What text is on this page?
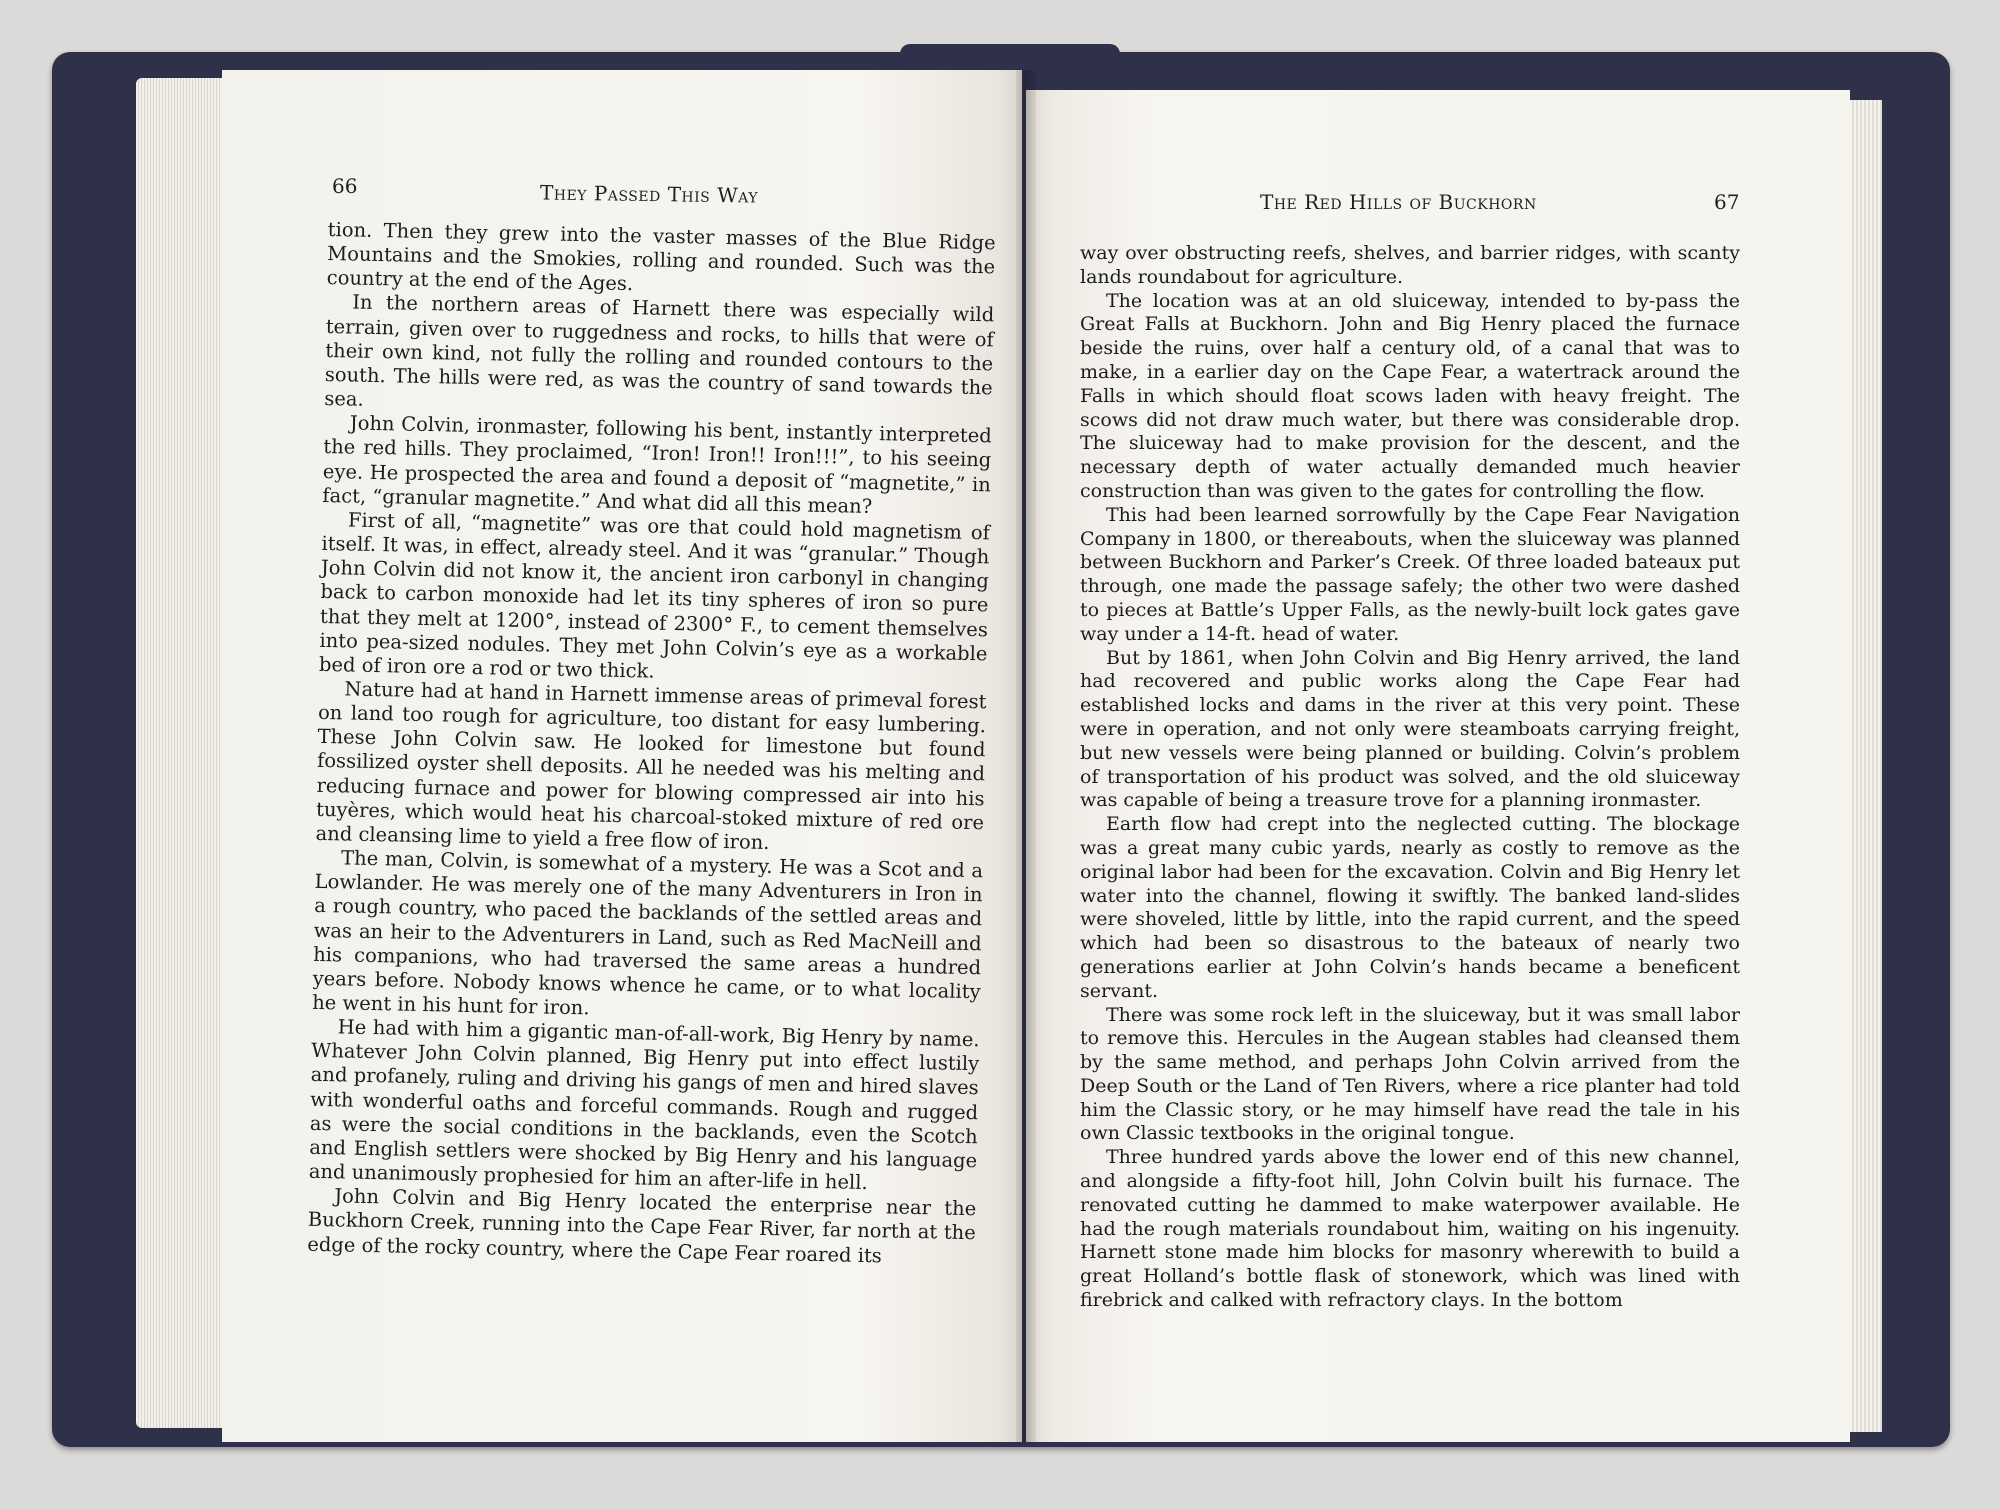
66	They Passed This Way

tion. Then they grew into the vaster masses of the Blue Ridge Mountains and the Smokies, rolling and rounded. Such was the country at the end of the Ages.

In the northern areas of Harnett there was especially wild terrain, given over to ruggedness and rocks, to hills that were of their own kind, not fully the rolling and rounded contours to the south. The hills were red, as was the country of sand towards the sea.

John Colvin, ironmaster, following his bent, instantly interpreted the red hills. They proclaimed, “Iron! Iron!! Iron!!!”, to his seeing eye. He prospected the area and found a deposit of “magnetite,” in fact, “granular magnetite.” And what did all this mean?

First of all, “magnetite” was ore that could hold magnetism of itself. It was, in effect, already steel. And it was “granular.” Though John Colvin did not know it, the ancient iron carbonyl in changing back to carbon monoxide had let its tiny spheres of iron so pure that they melt at 1200°, instead of 2300° F., to cement themselves into pea-sized nodules. They met John Colvin’s eye as a workable bed of iron ore a rod or two thick.

Nature had at hand in Harnett immense areas of primeval forest on land too rough for agriculture, too distant for easy lumbering. These John Colvin saw. He looked for limestone but found fossilized oyster shell deposits. All he needed was his melting and reducing furnace and power for blowing compressed air into his tuyères, which would heat his charcoal-stoked mixture of red ore and cleansing lime to yield a free flow of iron.

The man, Colvin, is somewhat of a mystery. He was a Scot and a Lowlander. He was merely one of the many Adventurers in Iron in a rough country, who paced the backlands of the settled areas and was an heir to the Adventurers in Land, such as Red MacNeill and his companions, who had traversed the same areas a hundred years before. Nobody knows whence he came, or to what locality he went in his hunt for iron.

He had with him a gigantic man-of-all-work, Big Henry by name. Whatever John Colvin planned, Big Henry put into effect lustily and profanely, ruling and driving his gangs of men and hired slaves with wonderful oaths and forceful commands. Rough and rugged as were the social conditions in the backlands, even the Scotch and English settlers were shocked by Big Henry and his language and unanimously prophesied for him an after-life in hell.

John Colvin and Big Henry located the enterprise near the Buckhorn Creek, running into the Cape Fear River, far north at the edge of the rocky country, where the Cape Fear roared its

The Red Hills of Buckhorn	67

way over obstructing reefs, shelves, and barrier ridges, with scanty lands roundabout for agriculture.

The location was at an old sluiceway, intended to by-pass the Great Falls at Buckhorn. John and Big Henry placed the furnace beside the ruins, over half a century old, of a canal that was to make, in a earlier day on the Cape Fear, a watertrack around the Falls in which should float scows laden with heavy freight. The scows did not draw much water, but there was considerable drop. The sluiceway had to make provision for the descent, and the necessary depth of water actually demanded much heavier construction than was given to the gates for controlling the flow.

This had been learned sorrowfully by the Cape Fear Navigation Company in 1800, or thereabouts, when the sluiceway was planned between Buckhorn and Parker’s Creek. Of three loaded bateaux put through, one made the passage safely; the other two were dashed to pieces at Battle’s Upper Falls, as the newly-built lock gates gave way under a 14-ft. head of water.

But by 1861, when John Colvin and Big Henry arrived, the land had recovered and public works along the Cape Fear had established locks and dams in the river at this very point. These were in operation, and not only were steamboats carrying freight, but new vessels were being planned or building. Colvin’s problem of transportation of his product was solved, and the old sluiceway was capable of being a treasure trove for a planning ironmaster.

Earth flow had crept into the neglected cutting. The blockage was a great many cubic yards, nearly as costly to remove as the original labor had been for the excavation. Colvin and Big Henry let water into the channel, flowing it swiftly. The banked land-slides were shoveled, little by little, into the rapid current, and the speed which had been so disastrous to the bateaux of nearly two generations earlier at John Colvin’s hands became a beneficent servant.

There was some rock left in the sluiceway, but it was small labor to remove this. Hercules in the Augean stables had cleansed them by the same method, and perhaps John Colvin arrived from the Deep South or the Land of Ten Rivers, where a rice planter had told him the Classic story, or he may himself have read the tale in his own Classic textbooks in the original tongue.

Three hundred yards above the lower end of this new channel, and alongside a fifty-foot hill, John Colvin built his furnace. The renovated cutting he dammed to make waterpower available. He had the rough materials roundabout him, waiting on his ingenuity. Harnett stone made him blocks for masonry wherewith to build a great Holland’s bottle flask of stonework, which was lined with firebrick and calked with refractory clays. In the bottom
